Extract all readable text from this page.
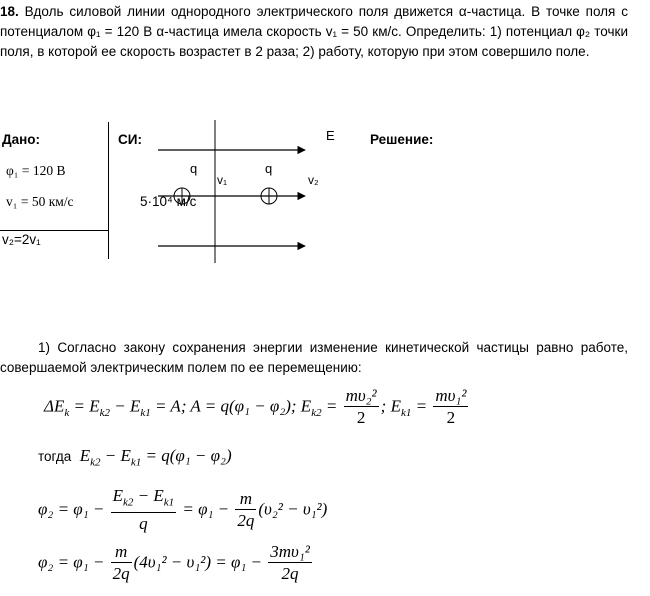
18. Вдоль силовой линии однородного электрического поля движется α-частица. В точке поля с потенциалом φ₁ = 120 В α-частица имела скорость v₁ = 50 км/с. Определить: 1) потенциал φ₂ точки поля, в которой ее скорость возрастет в 2 раза; 2) работу, которую при этом совершило поле.

Дано:
φ₁ = 120 В
v₁ = 50 км/с
v₂=2v₁
СИ:
5·10⁴ м/с
Решение:
E
q	q
v₁	v₂
1) Согласно закону сохранения энергии изменение кинетической частицы равно работе, совершаемой электрическим полем по ее перемещению:
$\Delta E_k = E_{k2} - E_{k1} = A$; A = q(φ₁ − φ₂); $E_{k2} = \frac{\text{mυ₂²}}{2}$ ; $E_{k1} = \frac{\text{mυ₁²}}{2}$
тогда $E_{k2} - E_{k1} = q(\varphi_1 - \varphi_2)$
$\varphi_2 = \varphi_1 - \frac{E_{k2} - E_{k1}}{q} = \varphi_1 - \frac{m}{2q} (\upsilon_2^2 - \upsilon_1^2)$
$\varphi_2 = \varphi_1 - \frac{m}{2q} (4\upsilon_1^2 - \upsilon_1^2) = \varphi_1 - \frac{\text{3mυ₁²}}{2q}$
